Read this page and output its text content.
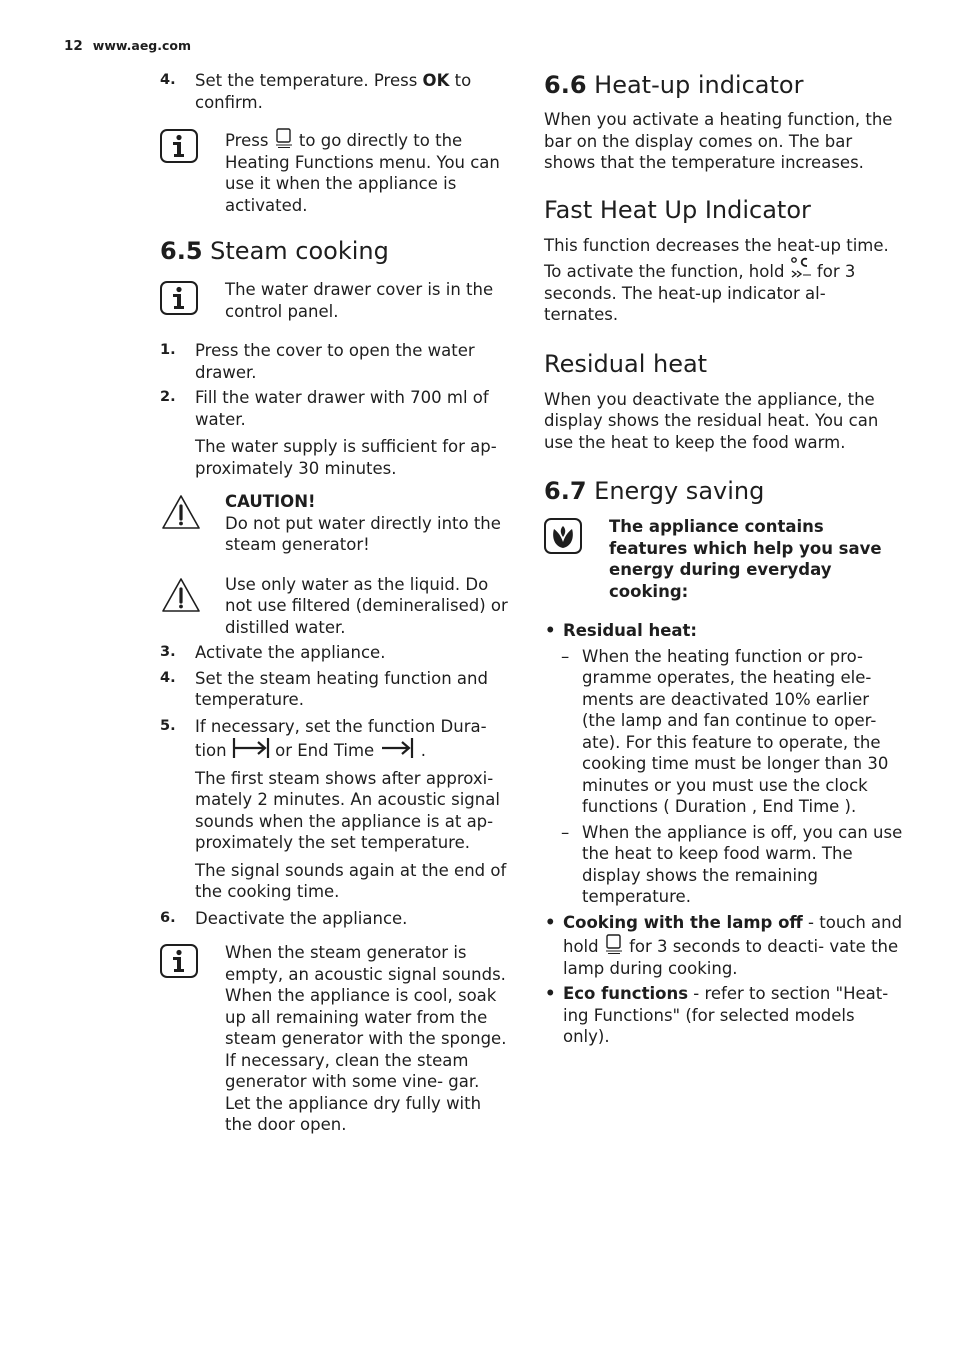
12 www.aeg.com
4. Set the temperature. Press OK to confirm.
Press  to go directly to the Heating Functions menu. You can use it when the appliance is activated.
6.5 Steam cooking
The water drawer cover is in the control panel.
1. Press the cover to open the water drawer.
2. Fill the water drawer with 700 ml of water.

The water supply is sufficient for ap- proximately 30 minutes.

CAUTION!

Do not put water directly into the steam generator!

Use only water as the liquid. Do not use filtered (demineralised) or distilled water.

3. Activate the appliance.
4. Set the steam heating function and temperature.
5. If necessary, set the function Dura- tion  or End Time  .

The first steam shows after approxi- mately 2 minutes. An acoustic signal sounds when the appliance is at ap- proximately the set temperature.

The signal sounds again at the end of the cooking time.

6. Deactivate the appliance.

When the steam generator is empty, an acoustic signal sounds.

When the appliance is cool, soak up all remaining water from the steam generator with the sponge. If necessary, clean the steam generator with some vine- gar.

Let the appliance dry fully with the door open.

6.6 Heat-up indicator

When you activate a heating function, the bar on the display comes on. The bar shows that the temperature increases.

Fast Heat Up Indicator

This function decreases the heat-up time. To activate the function, hold  for 3 seconds. The heat-up indicator al- ternates.

Residual heat

When you deactivate the appliance, the display shows the residual heat. You can use the heat to keep the food warm.

6.7 Energy saving

The appliance contains features which help you save energy during everyday cooking:

• Residual heat:
– When the heating function or pro- gramme operates, the heating ele- ments are deactivated 10% earlier (the lamp and fan continue to oper- ate). For this feature to operate, the cooking time must be longer than 30 minutes or you must use the clock functions ( Duration , End Time ).
– When the appliance is off, you can use the heat to keep food warm. The display shows the remaining temperature.
• Cooking with the lamp off - touch and hold  for 3 seconds to deacti- vate the lamp during cooking.
• Eco functions - refer to section "Heat- ing Functions" (for selected models only).
